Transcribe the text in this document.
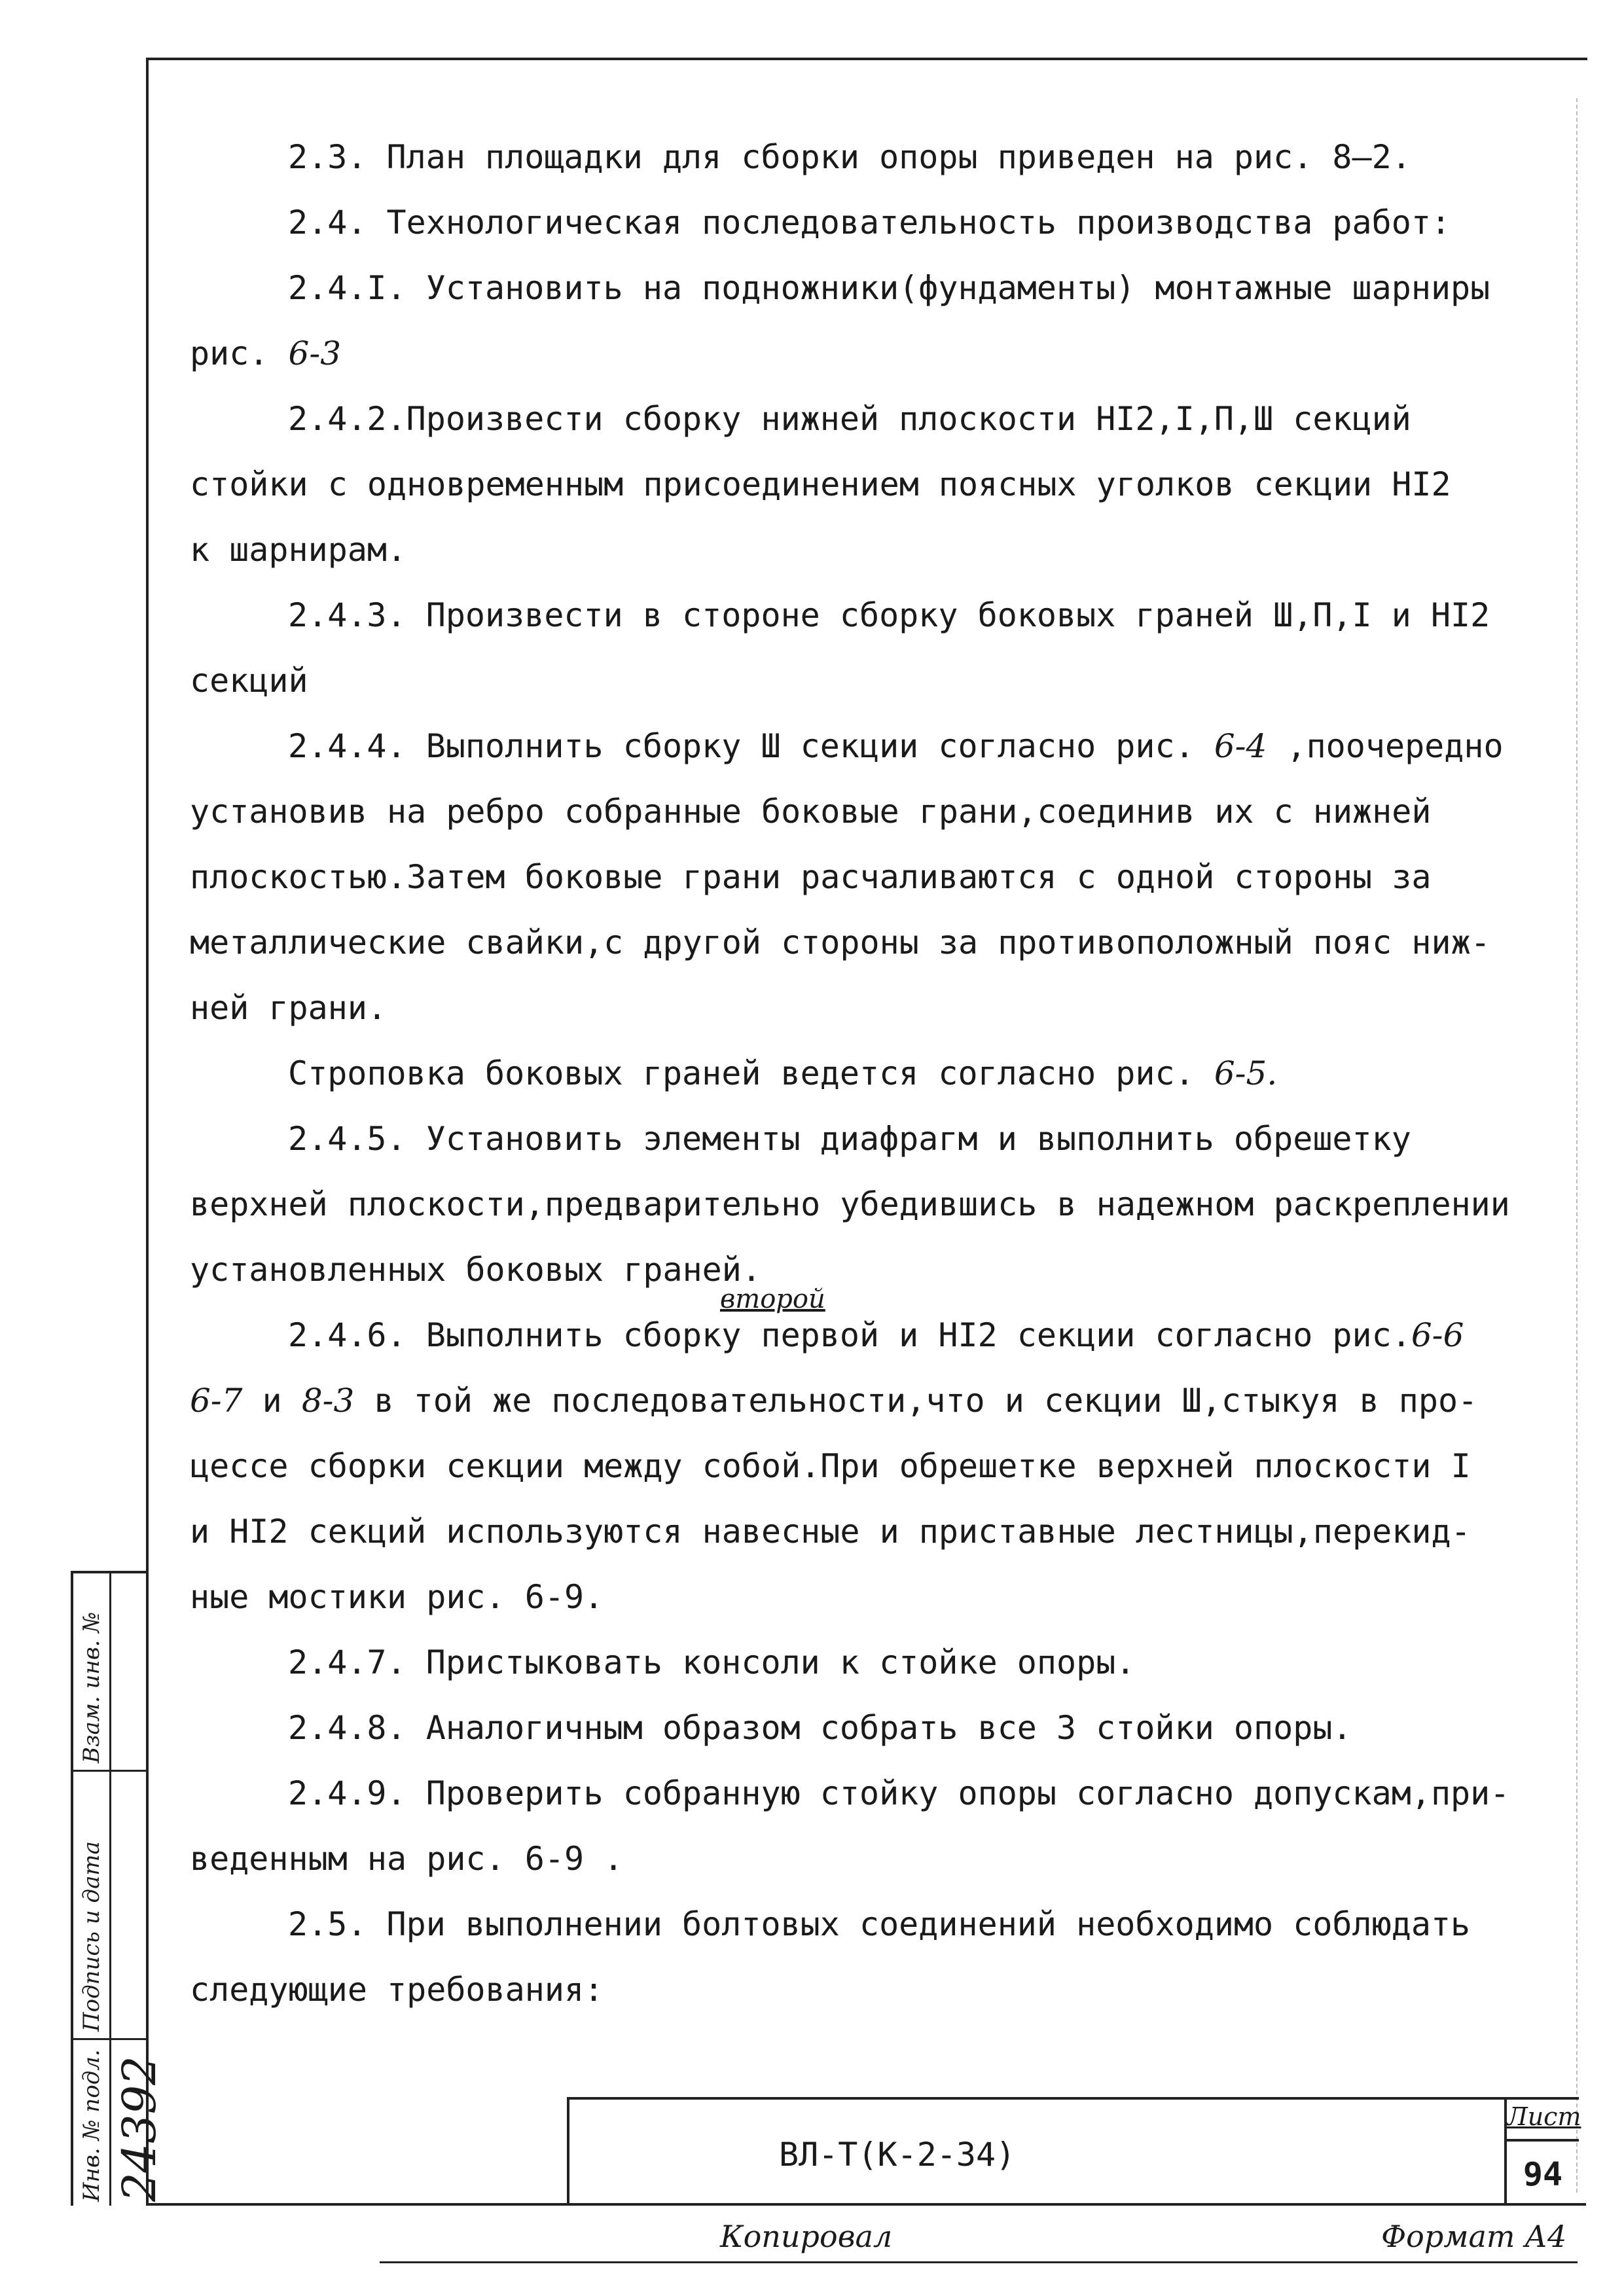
2.3. План площадки для сборки опоры приведен на рис. 8–2.

2.4. Технологическая последовательность производства работ:

2.4.I. Установить на подножники(фундаменты) монтажные шарниры

рис. 6-3

2.4.2.Произвести сборку нижней плоскости HI2,I,П,Ш секций

стойки с одновременным присоединением поясных уголков секции HI2

к шарнирам.

2.4.3. Произвести в стороне сборку боковых граней Ш,П,I и HI2

секций

2.4.4. Выполнить сборку Ш секции согласно рис. 6-4 ,поочередно

установив на ребро собранные боковые грани,соединив их с нижней

плоскостью.Затем боковые грани расчаливаются с одной стороны за

металлические свайки,с другой стороны за противоположный пояс ниж-

ней грани.

Строповка боковых граней ведется согласно рис. 6-5.

2.4.5. Установить элементы диафрагм и выполнить обрешетку

верхней плоскости,предварительно убедившись в надежном раскреплении

установленных боковых граней.

2.4.6. Выполнить сборку первой и HI2 секции согласно рис.6-6

6-7 и 8-3 в той же последовательности,что и секции Ш,стыкуя в про-

цессе сборки секции между собой.При обрешетке верхней плоскости I

и HI2 секций используются навесные и приставные лестницы,перекид-

ные мостики рис. 6-9.

2.4.7. Пристыковать консоли к стойке опоры.

2.4.8. Аналогичным образом собрать все 3 стойки опоры.

2.4.9. Проверить собранную стойку опоры согласно допускам,при-

веденным на рис. 6-9 .

2.5. При выполнении болтовых соединений необходимо соблюдать

следующие требования:

второй
Взам. инв. №
Подпись и дата
Инв. № подл. 24392	ВЛ-Т(К-2-34)
Лист
94
Копировал	Формат А4
